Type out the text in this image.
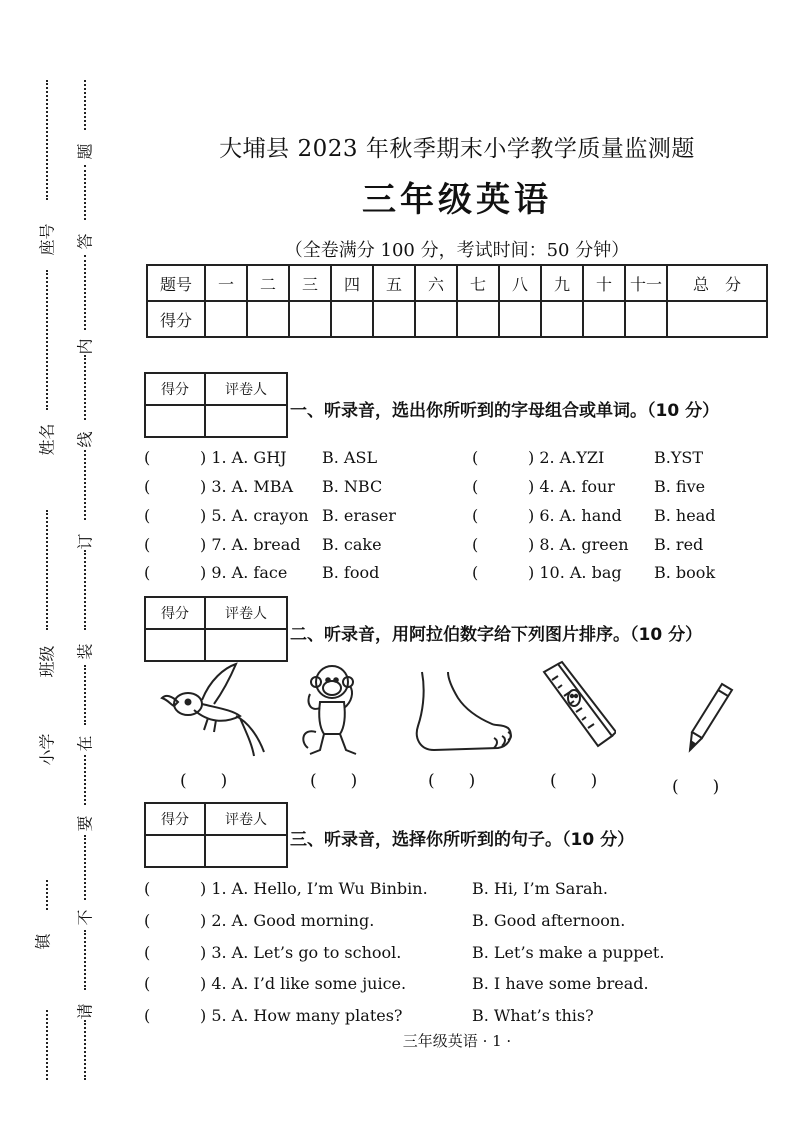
座号
姓名
班级
小学
镇
题
答
内
线
订
装
在
要
不
请
大埔县 2023 年秋季期末小学教学质量监测题
三年级英语
（全卷满分 100 分，考试时间：50 分钟）
题号	一	二	三	四	五	六	七	八	九	十	十一	总　分
得分												
得分	评卷人

一、听录音，选出你所听到的字母组合或单词。（10 分）
(	) 1. A. GHJ B. ASL	(	) 2. A.YZI	B.YST
(	) 3. A. MBA B. NBC	(	) 4. A. four B. five
(	) 5. A. crayon B. eraser	(	) 6. A. hand B. head
(	) 7. A. bread B. cake	(	) 8. A. green B. red
(	) 9. A. face B. food	(	) 10. A. bag B. book
得分	评卷人

二、听录音，用阿拉伯数字给下列图片排序。（10 分）
(　　)	(　　)	(　　)	(　　)	(　　)
得分	评卷人

三、听录音，选择你所听到的句子。（10 分）
(	) 1. A. Hello, I’m Wu Binbin.	B. Hi, I’m Sarah.
(	) 2. A. Good morning.	B. Good afternoon.
(	) 3. A. Let’s go to school.	B. Let’s make a puppet.
(	) 4. A. I’d like some juice.	B. I have some bread.
(	) 5. A. How many plates?	B. What’s this?
三年级英语 · 1 ·
